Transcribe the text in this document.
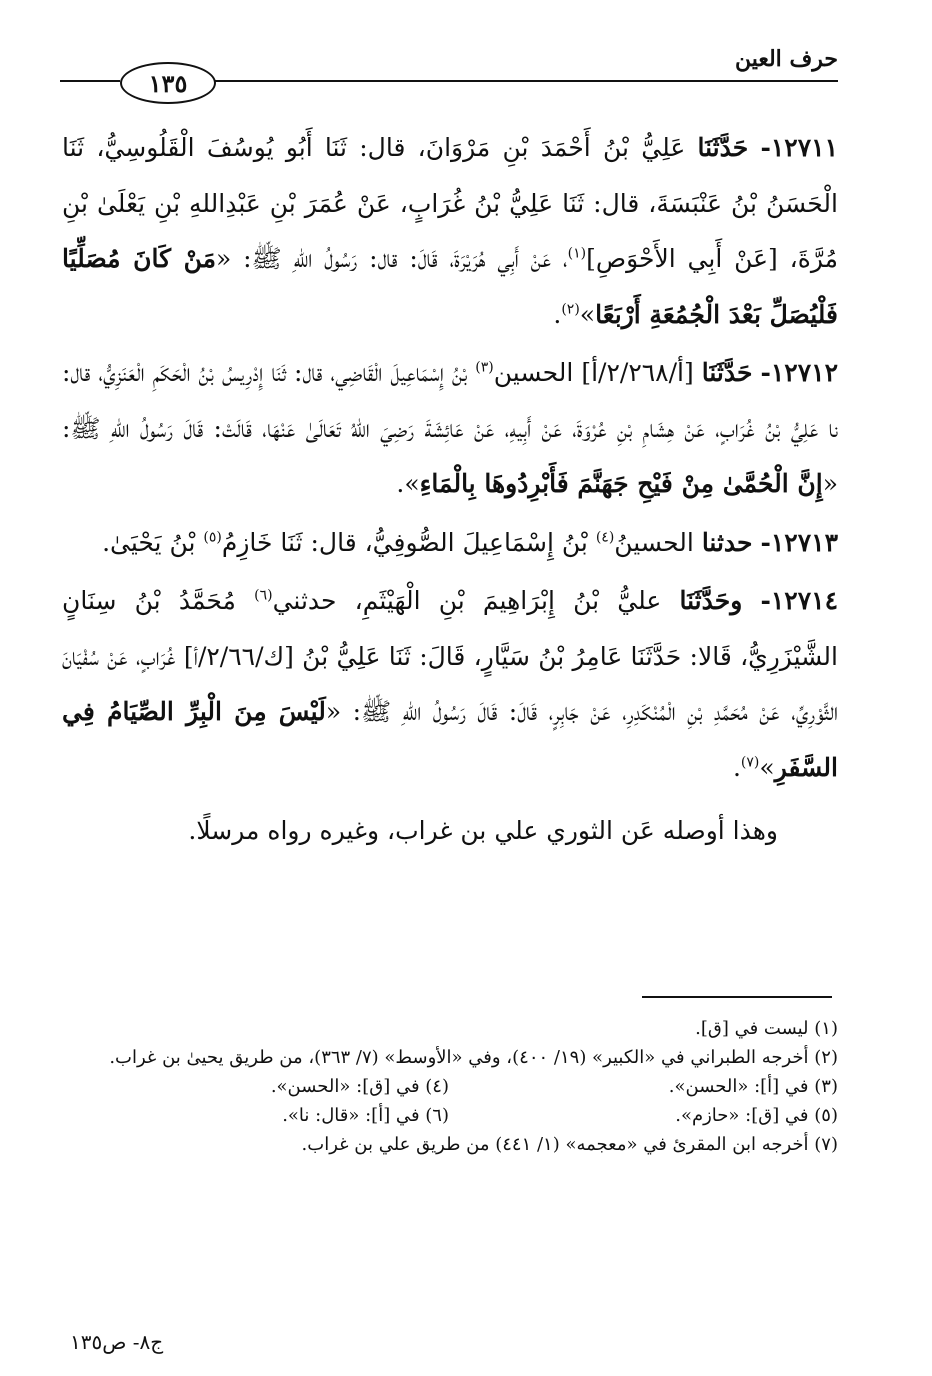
حرف العين
١٣٥

١٢٧١١- حَدَّثَنَا عَلِيُّ بْنُ أَحْمَدَ بْنِ مَرْوَانَ، قال: ثَنَا أَبُو يُوسُفَ الْقَلُوسِيُّ، ثَنَا الْحَسَنُ بْنُ عَنْبَسَةَ، قال: ثَنَا عَلِيُّ بْنُ غُرَابٍ، عَنْ عُمَرَ بْنِ عَبْدِاللهِ بْنِ يَعْلَىٰ بْنِ مُرَّةَ، [عَنْ أَبِي الأَحْوَصِ]$^{(١)}$، عَنْ أَبِي هُرَيْرَةَ، قَالَ: قال: رَسُولُ اللهِ ﷺ: «مَنْ كَانَ مُصَلِّيًا فَلْيُصَلِّ بَعْدَ الْجُمُعَةِ أَرْبَعًا»$^{(٢)}$.

١٢٧١٢- حَدَّثَنَا [أ/٢/٢٦٨/أ] الحسين$^{(٣)}$ بْنُ إِسْمَاعِيلَ الْقَاضِي، قال: ثَنَا إِدْرِيسُ بْنُ الْحَكَمِ الْعَنَزِيُّ، قال: نا عَلِيُّ بْنُ غُرَابٍ، عَنْ هِشَامِ بْنِ عُرْوَةَ، عَنْ أَبِيهِ، عَنْ عَائِشَةَ رَضِيَ اللهُ تَعَالَىٰ عَنْهَا، قَالَتْ: قَالَ رَسُولُ اللهِ ﷺ: «إِنَّ الْحُمَّىٰ مِنْ فَيْحِ جَهَنَّمَ فَأَبْرِدُوهَا بِالْمَاءِ».

١٢٧١٣- حدثنا الحسينُ$^{(٤)}$ بْنُ إِسْمَاعِيلَ الصُّوفِيُّ، قال: ثَنَا خَازِمُ$^{(٥)}$ بْنُ يَحْيَىٰ.

١٢٧١٤- وحَدَّثَنَا عليُّ بْنُ إِبْرَاهِيمَ بْنِ الْهَيْثَمِ، حدثني$^{(٦)}$ مُحَمَّدُ بْنُ سِنَانٍ الشَّيْزَرِيُّ، قَالا: حَدَّثَنَا عَامِرُ بْنُ سَيَّارٍ، قَالَ: ثَنَا عَلِيُّ بْنُ [ك/٢/٦٦/أ] غُرَابٍ، عَنْ سُفْيَانَ الثَّوْرِيِّ، عَنْ مُحَمَّدِ بْنِ الْمُنْكَدِرِ، عَنْ جَابِرٍ، قَالَ: قَالَ رَسُولُ اللهِ ﷺ: «لَيْسَ مِنَ الْبِرِّ الصِّيَامُ فِي السَّفَرِ»$^{(٧)}$.

وهذا أوصله عَن الثوري علي بن غراب، وغيره رواه مرسلًا.

(١) ليست في [ق].
(٢) أخرجه الطبراني في «الكبير» (١٩/ ٤٠٠)، وفي «الأوسط» (٧/ ٣٦٣)، من طريق يحيىٰ بن غراب.
(٣) في [أ]: «الحسن».
(٤) في [ق]: «الحسن».
(٥) في [ق]: «حازم».
(٦) في [أ]: «قال: نا».
(٧) أخرجه ابن المقرئ في «معجمه» (١/ ٤٤١) من طريق علي بن غراب.
ج٨- ص١٣٥
